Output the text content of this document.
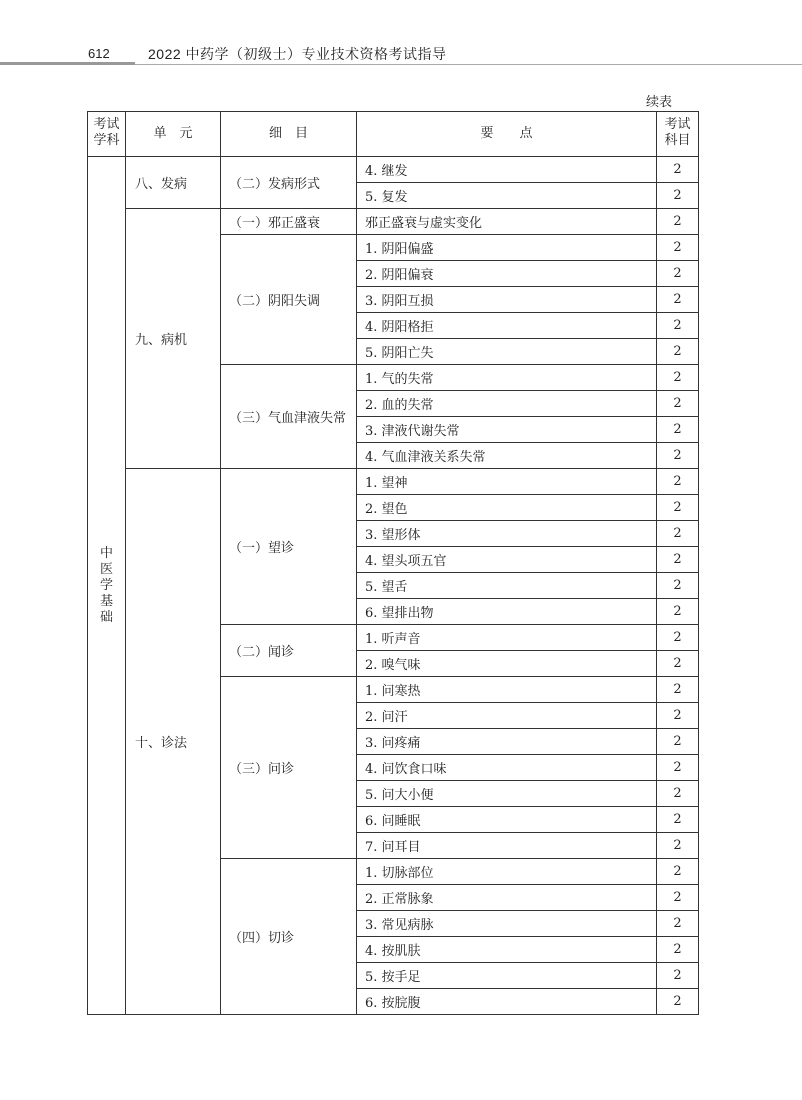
612	2022 中药学（初级士）专业技术资格考试指导
续表
考试学科	单　元	细　目	要　　点	考试科目
中医学基础	八、发病	（二）发病形式	4. 继发	2
			5. 复发	2
	九、病机	（一）邪正盛衰	邪正盛衰与虚实变化	2
		（二）阴阳失调	1. 阴阳偏盛	2
			2. 阴阳偏衰	2
			3. 阴阳互损	2
			4. 阴阳格拒	2
			5. 阴阳亡失	2
		（三）气血津液失常	1. 气的失常	2
			2. 血的失常	2
			3. 津液代谢失常	2
			4. 气血津液关系失常	2
	十、诊法	（一）望诊	1. 望神	2
			2. 望色	2
			3. 望形体	2
			4. 望头项五官	2
			5. 望舌	2
			6. 望排出物	2
		（二）闻诊	1. 听声音	2
			2. 嗅气味	2
		（三）问诊	1. 问寒热	2
			2. 问汗	2
			3. 问疼痛	2
			4. 问饮食口味	2
			5. 问大小便	2
			6. 问睡眠	2
			7. 问耳目	2
		（四）切诊	1. 切脉部位	2
			2. 正常脉象	2
			3. 常见病脉	2
			4. 按肌肤	2
			5. 按手足	2
			6. 按脘腹	2
